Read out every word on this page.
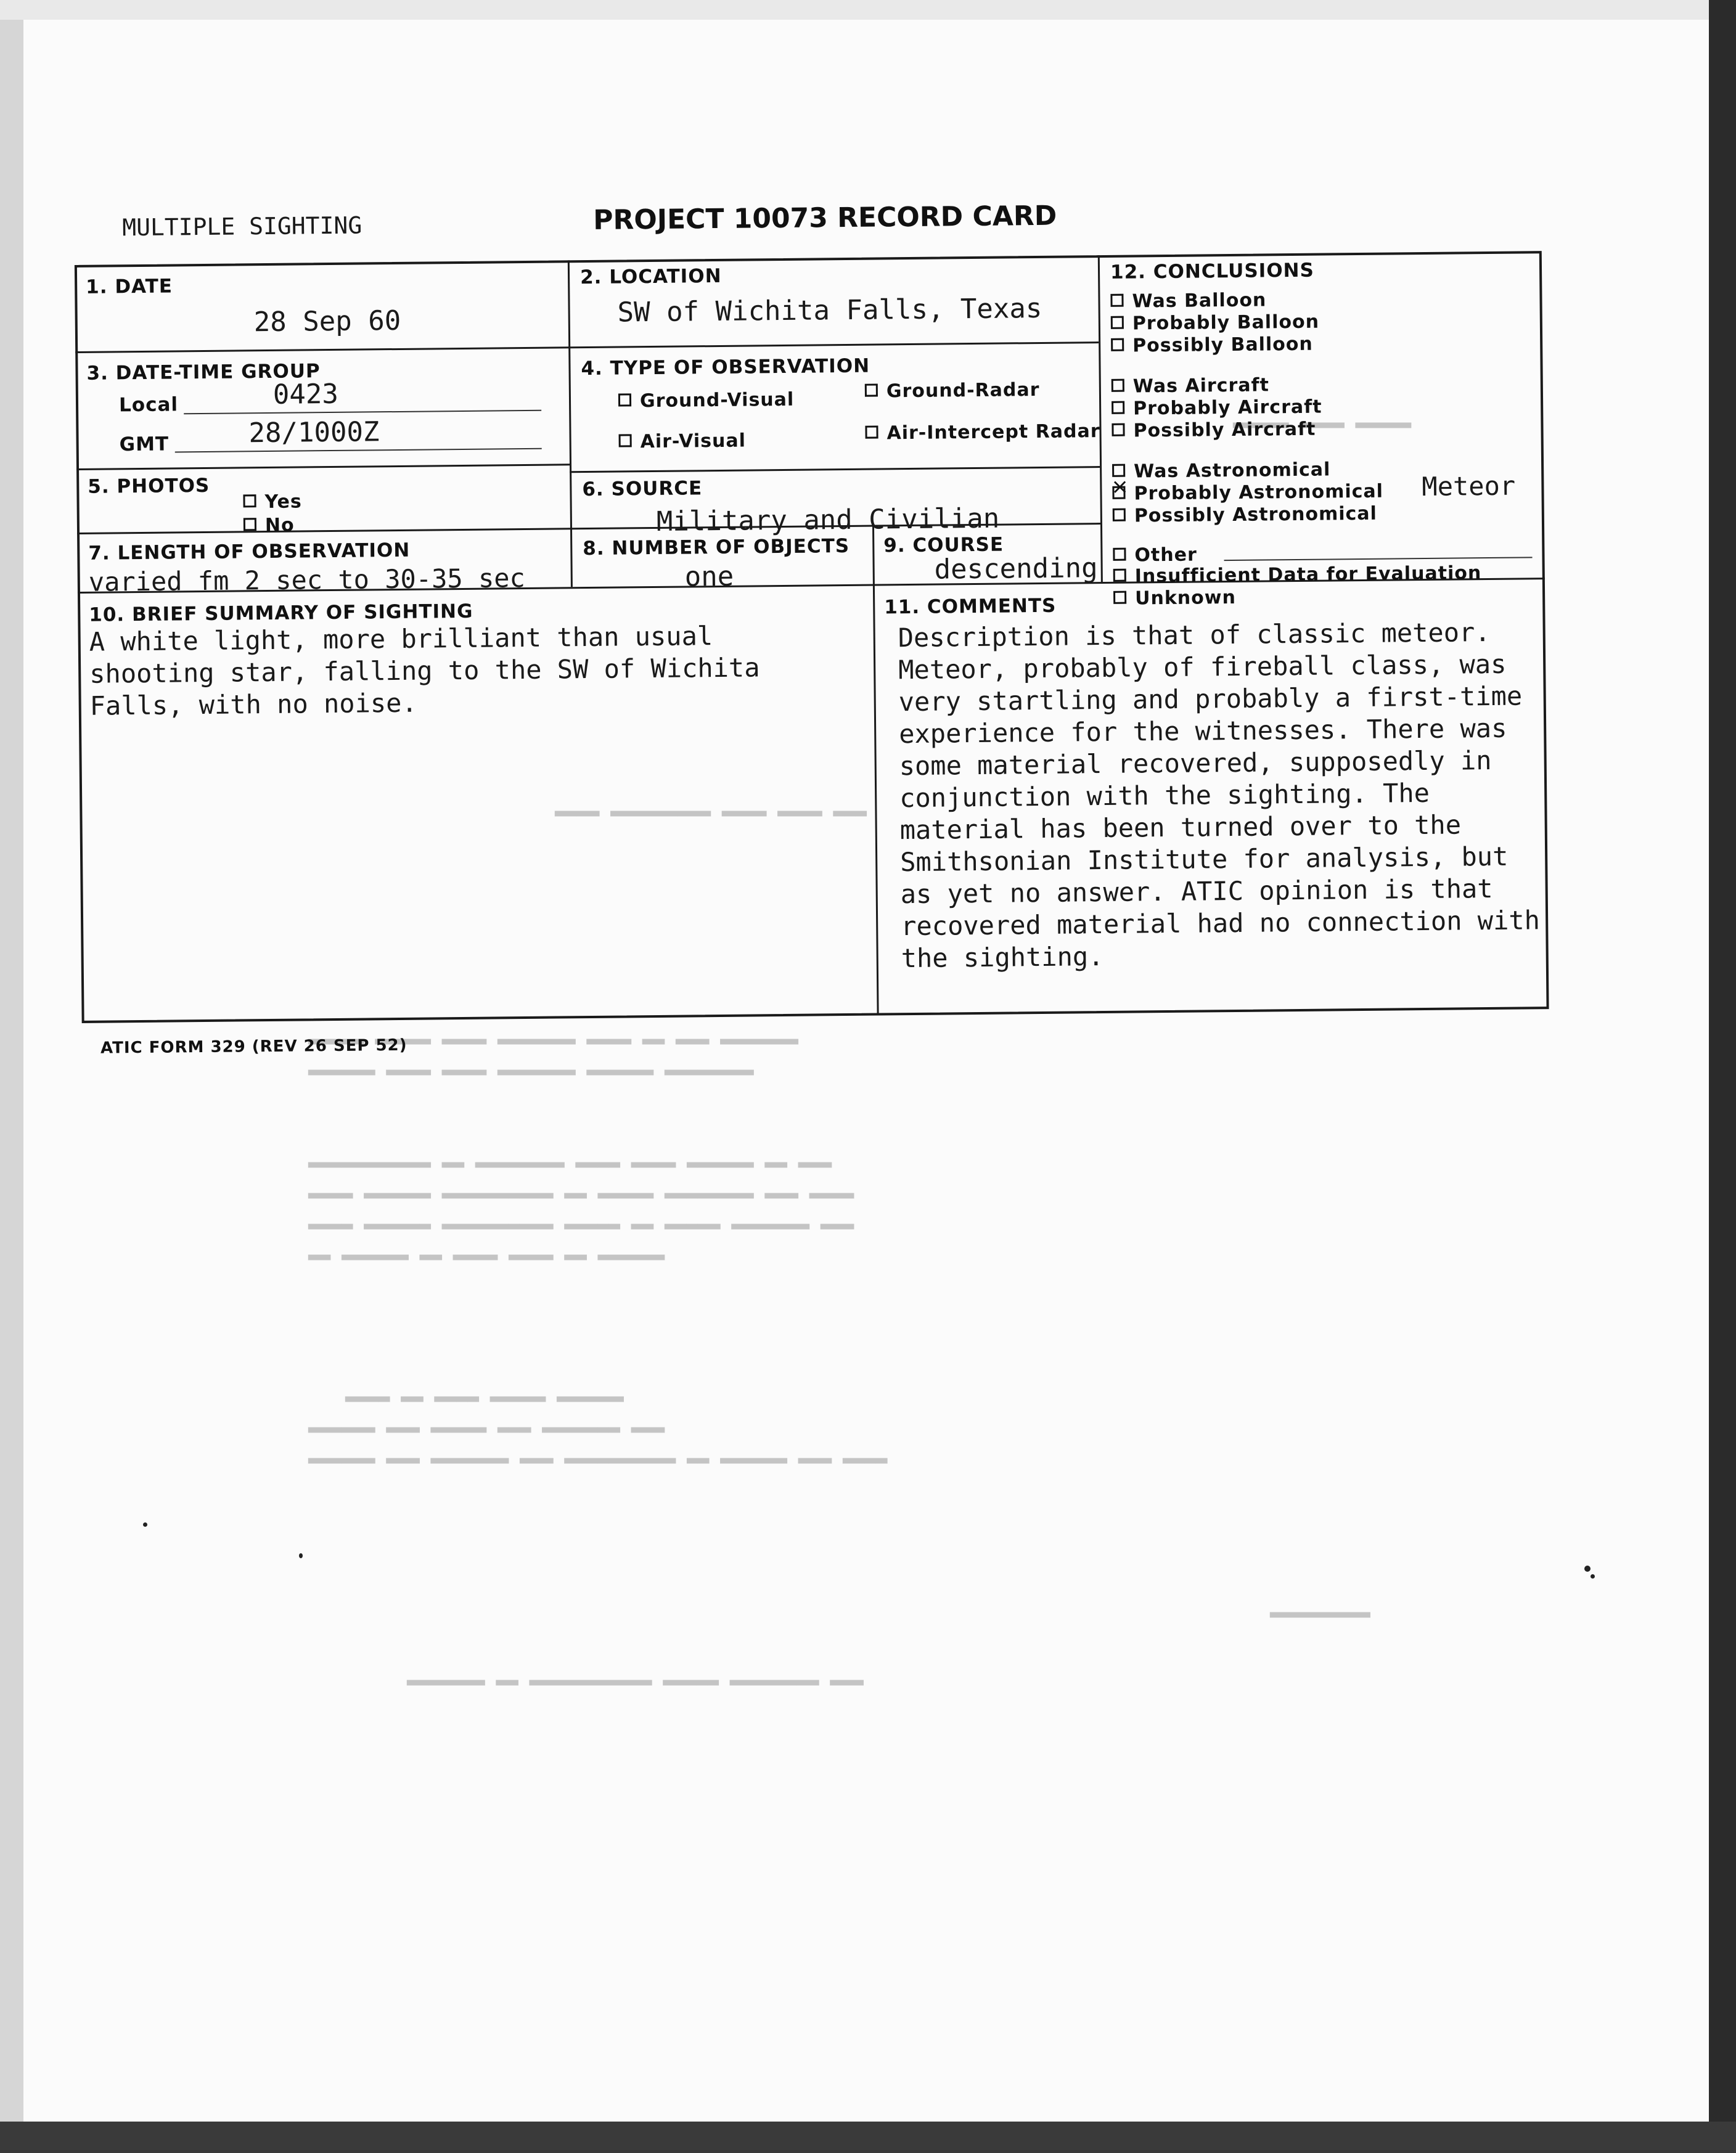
▂▂▂▂▂ ▂▂▂▂ ▂▂▂▂▂
▂▂▂▂ ▂▂▂▂▂▂▂▂▂ ▂▂▂▂ ▂▂▂▂ ▂▂▂
▂▂▂▂▂ ▂▂▂▂▂ ▂▂▂▂ ▂▂▂▂▂▂▂ ▂▂▂▂ ▂▂ ▂▂▂ ▂▂▂▂▂▂▂
▂▂▂▂▂▂ ▂▂▂▂ ▂▂▂▂ ▂▂▂▂▂▂▂ ▂▂▂▂▂▂ ▂▂▂▂▂▂▂▂
▂▂▂▂▂▂▂▂▂▂▂ ▂▂ ▂▂▂▂▂▂▂▂ ▂▂▂▂ ▂▂▂▂ ▂▂▂▂▂▂ ▂▂ ▂▂▂
▂▂▂▂ ▂▂▂▂▂▂ ▂▂▂▂▂▂▂▂▂▂ ▂▂ ▂▂▂▂▂ ▂▂▂▂▂▂▂▂ ▂▂▂ ▂▂▂▂
▂▂▂▂ ▂▂▂▂▂▂ ▂▂▂▂▂▂▂▂▂▂ ▂▂▂▂▂ ▂▂ ▂▂▂▂▂ ▂▂▂▂▂▂▂ ▂▂▂
▂▂ ▂▂▂▂▂▂ ▂▂ ▂▂▂▂ ▂▂▂▂ ▂▂ ▂▂▂▂▂▂
▂▂▂▂ ▂▂ ▂▂▂▂ ▂▂▂▂▂ ▂▂▂▂▂▂
▂▂▂▂▂▂ ▂▂▂ ▂▂▂▂▂ ▂▂▂ ▂▂▂▂▂▂▂ ▂▂▂
▂▂▂▂▂▂ ▂▂▂ ▂▂▂▂▂▂▂ ▂▂▂ ▂▂▂▂▂▂▂▂▂▂ ▂▂ ▂▂▂▂▂▂ ▂▂▂ ▂▂▂▂
▂▂▂▂▂▂▂▂▂
▂▂▂▂▂▂▂ ▂▂ ▂▂▂▂▂▂▂▂▂▂▂ ▂▂▂▂▂ ▂▂▂▂▂▂▂▂ ▂▂▂
MULTIPLE SIGHTING	PROJECT 10073 RECORD CARD
1. DATE
28 Sep 60
2. LOCATION
SW of Wichita Falls, Texas
3. DATE-TIME GROUP
Local	0423
GMT	28/1000Z
4. TYPE OF OBSERVATION
Ground-Visual	Ground-Radar
Air-Visual	Air-Intercept Radar
5. PHOTOS
Yes
No
6. SOURCE
Military and Civilian
7. LENGTH OF OBSERVATION
varied fm 2 sec to 30-35 sec
8. NUMBER OF OBJECTS
one
9. COURSE
descending
10. BRIEF SUMMARY OF SIGHTING
A white light, more brilliant than usual
shooting star, falling to the SW of Wichita
Falls, with no noise.
11. COMMENTS
Description is that of classic meteor.
Meteor, probably of fireball class, was
very startling and probably a first-time
experience for the witnesses. There was
some material recovered, supposedly in
conjunction with the sighting. The
material has been turned over to the
Smithsonian Institute for analysis, but
as yet no answer. ATIC opinion is that
recovered material had no connection with
the sighting.
12. CONCLUSIONS
Was Balloon
Probably Balloon
Possibly Balloon
Was Aircraft
Probably Aircraft
Possibly Aircraft
Was Astronomical
×Probably Astronomical Meteor
Possibly Astronomical
Other
Insufficient Data for Evaluation
Unknown
ATIC FORM 329 (REV 26 SEP 52)
